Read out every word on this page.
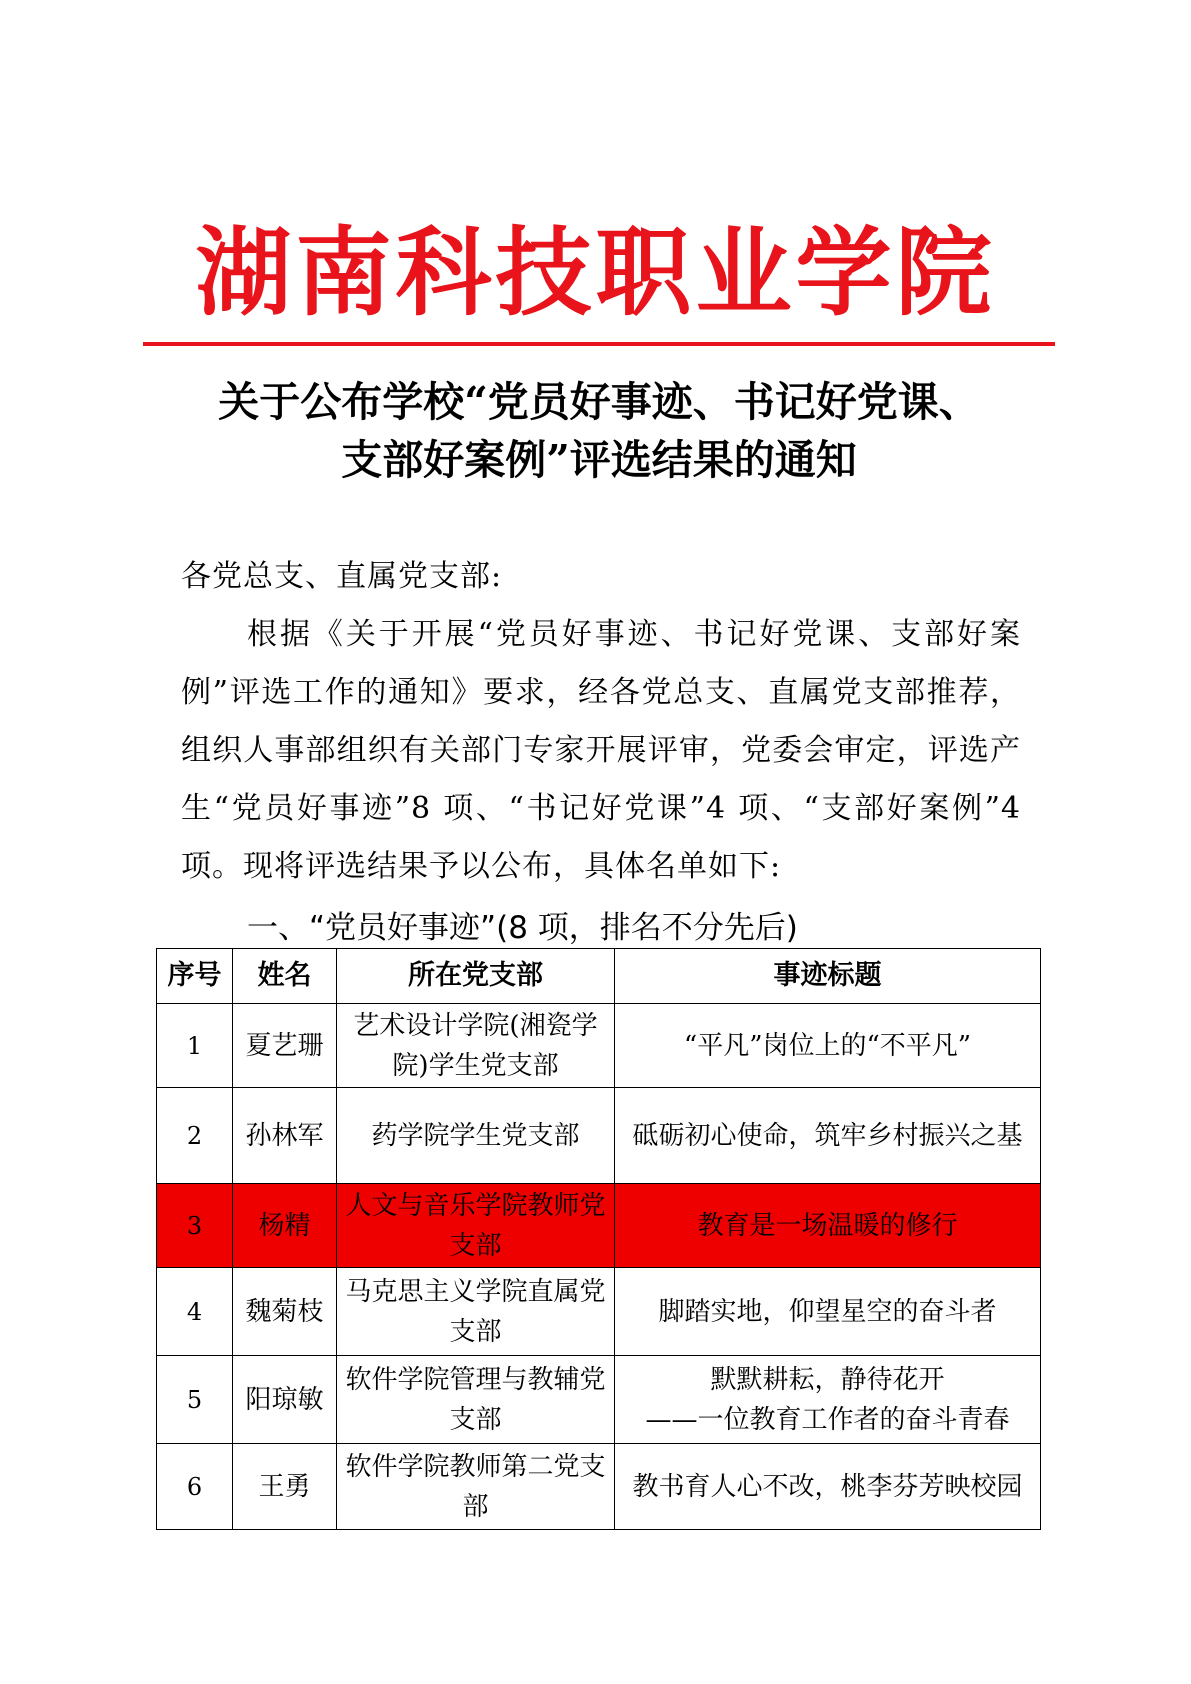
湖南科技职业学院
关于公布学校“党员好事迹、书记好党课、
支部好案例”评选结果的通知
各党总支、直属党支部:
根据《关于开展“党员好事迹、书记好党课、支部好案例”评选工作的通知》要求，经各党总支、直属党支部推荐，组织人事部组织有关部门专家开展评审，党委会审定，评选产生“党员好事迹”8 项、“书记好党课”4 项、“支部好案例”4 项。现将评选结果予以公布，具体名单如下:
一、“党员好事迹”(8 项，排名不分先后)
序号	姓名	所在党支部	事迹标题
1	夏艺珊	艺术设计学院(湘瓷学院)学生党支部	“平凡”岗位上的“不平凡”
2	孙林军	药学院学生党支部	砥砺初心使命，筑牢乡村振兴之基
3	杨精	人文与音乐学院教师党支部	教育是一场温暖的修行
4	魏菊枝	马克思主义学院直属党支部	脚踏实地，仰望星空的奋斗者
5	阳琼敏	软件学院管理与教辅党支部	默默耕耘，静待花开
——一位教育工作者的奋斗青春

6	王勇	软件学院教师第二党支部	教书育人心不改，桃李芬芳映校园
